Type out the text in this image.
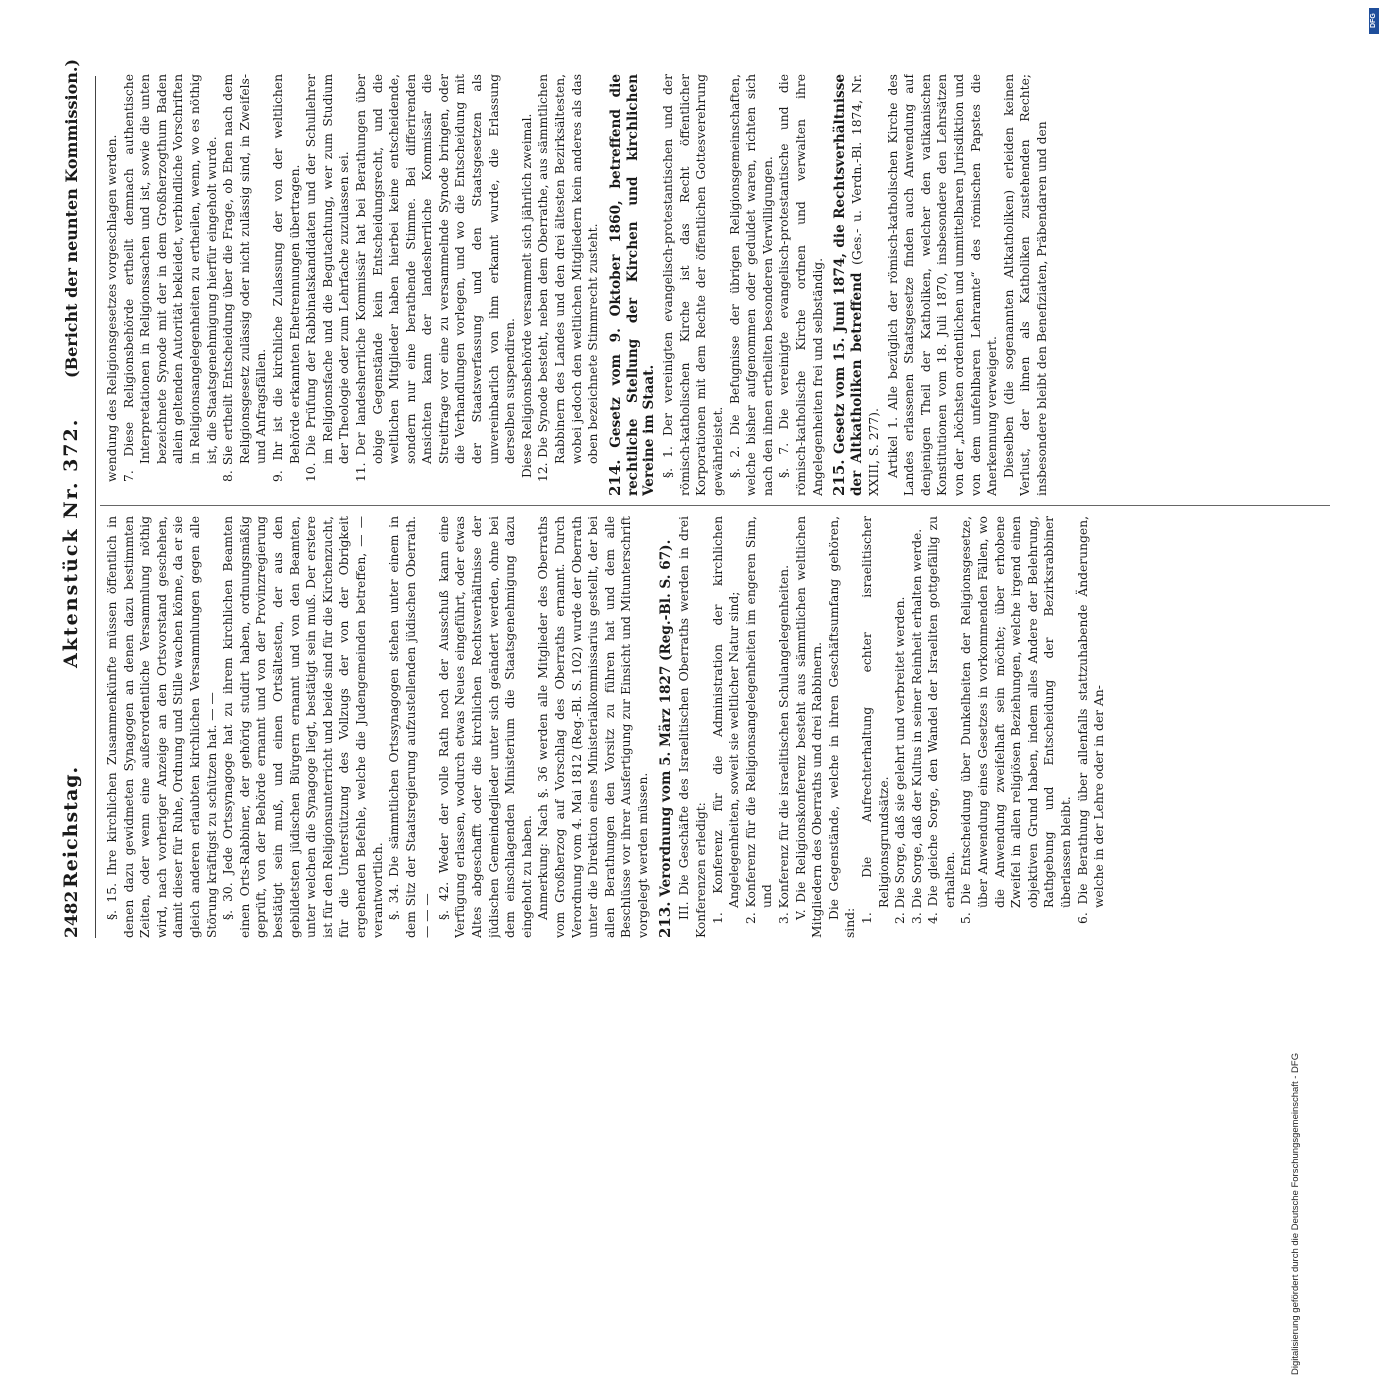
2482
Reichstag.
Aktenstück Nr. 372.
(Bericht der neunten Kommission.)

§. 15. Ihre kirchlichen Zusammenkünfte müssen öffentlich in denen dazu gewidmeten Synagogen an denen dazu bestimmten Zeiten, oder wenn eine außerordentliche Versammlung nöthig wird, nach vorheriger Anzeige an den Ortsvorstand geschehen, damit dieser für Ruhe, Ordnung und Stille wachen könne, da er sie gleich anderen erlaubten kirchlichen Versammlungen gegen alle Störung kräftigst zu schützen hat. — — §. 30. Jede Ortssynagoge hat zu ihrem kirchlichen Beamten einen Orts-Rabbiner, der gehörig studirt haben, ordnungsmäßig geprüft, von der Behörde ernannt und von der Provinzregierung bestätigt sein muß, und einen Ortsältesten, der aus den gebildetsten jüdischen Bürgern ernannt und von den Beamten, unter welchen die Synagoge liegt, bestätigt sein muß. Der erstere ist für den Religionsunterricht und beide sind für die Kirchenzucht, für die Unterstützung des Vollzugs der von der Obrigkeit ergehenden Befehle, welche die Judengemeinden betreffen, — — verantwortlich. §. 34. Die sämmtlichen Ortssynagogen stehen unter einem in dem Sitz der Staatsregierung aufzustellenden jüdischen Oberrath. — — — §. 42. Weder der volle Rath noch der Ausschuß kann eine Verfügung erlassen, wodurch etwas Neues eingeführt, oder etwas Altes abgeschafft oder die kirchlichen Rechtsverhältnisse der jüdischen Gemeindeglieder unter sich geändert werden, ohne bei dem einschlagenden Ministerium die Staatsgenehmigung dazu eingeholt zu haben. Anmerkung: Nach §. 36 werden alle Mitglieder des Oberraths vom Großherzog auf Vorschlag des Oberraths ernannt. Durch Verordnung vom 4. Mai 1812 (Reg.-Bl. S. 102) wurde der Oberrath unter die Direktion eines Ministerialkommissarius gestellt, der bei allen Berathungen den Vorsitz zu führen hat und dem alle Beschlüsse vor ihrer Ausfertigung zur Einsicht und Mitunterschrift vorgelegt werden müssen. 213. Verordnung vom 5. März 1827 (Reg.-Bl. S. 67). III. Die Geschäfte des Israelitischen Oberraths werden in drei Konferenzen erledigt: 1. Konferenz für die Administration der kirchlichen Angelegenheiten, soweit sie weltlicher Natur sind; 2. Konferenz für die Religionsangelegenheiten im engeren Sinn, und 3. Konferenz für die israelitischen Schulangelegenheiten. V. Die Religionskonferenz besteht aus sämmtlichen weltlichen Mitgliedern des Oberraths und drei Rabbinern. Die Gegenstände, welche in ihren Geschäftsumfang gehören, sind: 1. Die Aufrechterhaltung echter israelitischer Religionsgrundsätze. 2. Die Sorge, daß sie gelehrt und verbreitet werden. 3. Die Sorge, daß der Kultus in seiner Reinheit erhalten werde. 4. Die gleiche Sorge, den Wandel der Israeliten gottgefällig zu erhalten. 5. Die Entscheidung über Dunkelheiten der Religionsgesetze, über Anwendung eines Gesetzes in vorkommenden Fällen, wo die Anwendung zweifelhaft sein möchte; über erhobene Zweifel in allen religiösen Beziehungen, welche irgend einen objektiven Grund haben, indem alles Andere der Belehrung, Rathgebung und Entscheidung der Bezirksrabbiner überlassen bleibt. 6. Die Berathung über allenfalls stattzuhabende Änderungen, welche in der Lehre oder in der An-

wendung des Religionsgesetzes vorgeschlagen werden. 7. Diese Religionsbehörde ertheilt demnach authentische Interpretationen in Religionssachen und ist, sowie die unten bezeichnete Synode mit der in dem Großherzogthum Baden allein geltenden Autorität bekleidet, verbindliche Vorschriften in Religionsangelegenheiten zu ertheilen, wenn, wo es nöthig ist, die Staatsgenehmigung hierfür eingeholt wurde. 8. Sie ertheilt Entscheidung über die Frage, ob Ehen nach dem Religionsgesetz zulässig oder nicht zulässig sind, in Zweifels- und Anfragsfällen. 9. Ihr ist die kirchliche Zulassung der von der weltlichen Behörde erkannten Ehetrennungen übertragen. 10. Die Prüfung der Rabbinatskandidaten und der Schullehrer im Religionsfache und die Begutachtung, wer zum Studium der Theologie oder zum Lehrfache zuzulassen sei. 11. Der landesherrliche Kommissär hat bei Berathungen über obige Gegenstände kein Entscheidungsrecht, und die weltlichen Mitglieder haben hierbei keine entscheidende, sondern nur eine berathende Stimme. Bei differirenden Ansichten kann der landesherrliche Kommissär die Streitfrage vor eine zu versammelnde Synode bringen, oder die Verhandlungen vorlegen, und wo die Entscheidung mit der Staatsverfassung und den Staatsgesetzen als unvereinbarlich von ihm erkannt wurde, die Erlassung derselben suspendiren. Diese Religionsbehörde versammelt sich jährlich zweimal. 12. Die Synode besteht, neben dem Oberrathe, aus sämmtlichen Rabbinern des Landes und den drei ältesten Bezirksältesten, wobei jedoch den weltlichen Mitgliedern kein anderes als das oben bezeichnete Stimmrecht zusteht.

214. Gesetz vom 9. Oktober 1860, betreffend die rechtliche Stellung der Kirchen und kirchlichen Vereine im Staat. §. 1. Der vereinigten evangelisch-protestantischen und der römisch-katholischen Kirche ist das Recht öffentlicher Korporationen mit dem Rechte der öffentlichen Gottesverehrung gewährleistet. §. 2. Die Befugnisse der übrigen Religionsgemeinschaften, welche bisher aufgenommen oder geduldet waren, richten sich nach den ihnen ertheilten besonderen Verwilligungen. §. 7. Die vereinigte evangelisch-protestantische und die römisch-katholische Kirche ordnen und verwalten ihre Angelegenheiten frei und selbständig. 215. Gesetz vom 15. Juni 1874, die Rechtsverhältnisse der Altkatholiken betreffend (Ges.- u. Verdn.-Bl. 1874, Nr. XXIII, S. 277). Artikel 1. Alle bezüglich der römisch-katholischen Kirche des Landes erlassenen Staatsgesetze finden auch Anwendung auf denjenigen Theil der Katholiken, welcher den vatikanischen Konstitutionen vom 18. Juli 1870, insbesondere den Lehrsätzen von der „höchsten ordentlichen und unmittelbaren Jurisdiktion und von dem unfehlbaren Lehramte“ des römischen Papstes die Anerkennung verweigert. Dieselben (die sogenannten Altkatholiken) erleiden keinen Verlust, der ihnen als Katholiken zustehenden Rechte; insbesondere bleibt den Benefiziaten, Präbendaren und den

Digitalisierung gefördert durch die Deutsche Forschungsgemeinschaft - DFG
DFG
